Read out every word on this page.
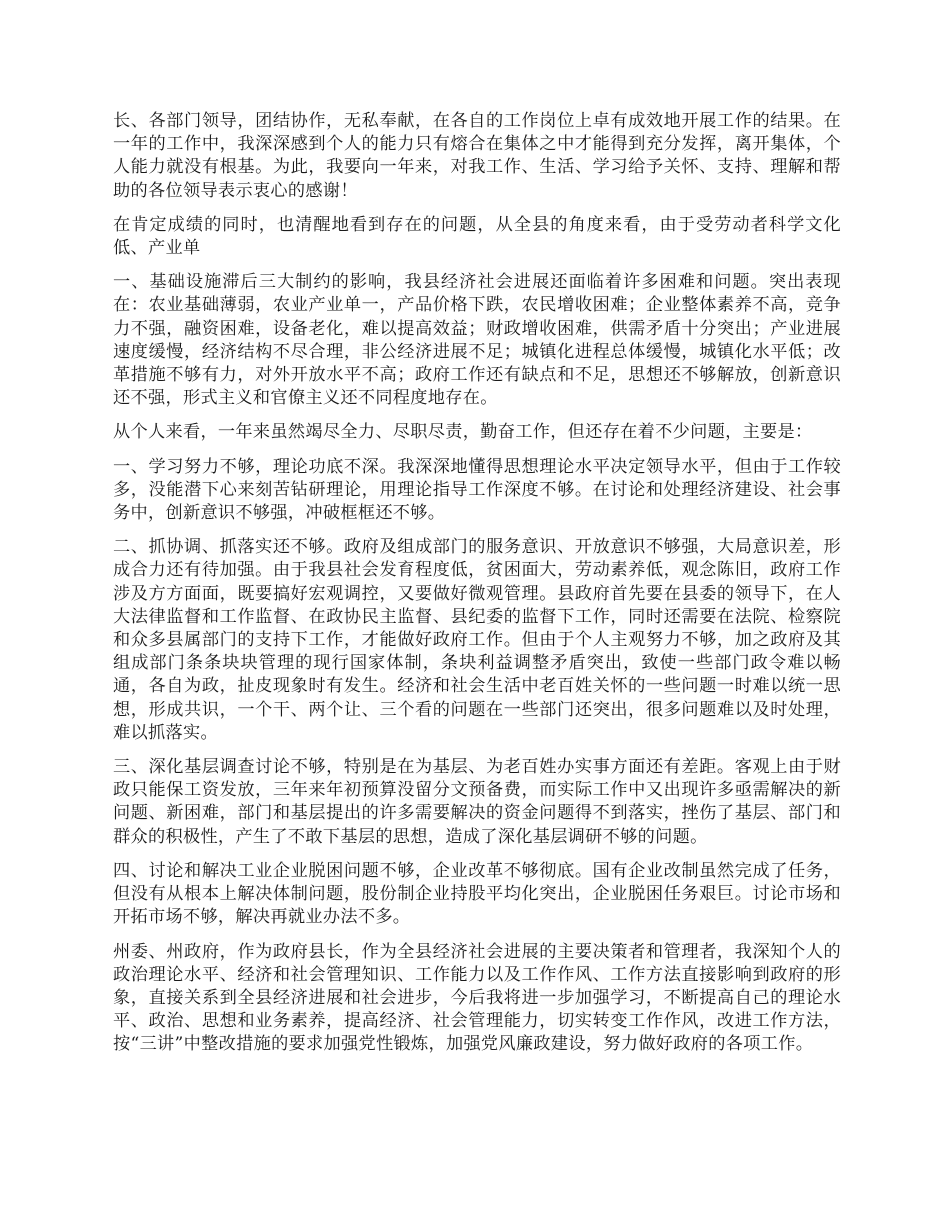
长、各部门领导，团结协作，无私奉献，在各自的工作岗位上卓有成效地开展工作的结果。在一年的工作中，我深深感到个人的能力只有熔合在集体之中才能得到充分发挥，离开集体，个人能力就没有根基。为此，我要向一年来，对我工作、生活、学习给予关怀、支持、理解和帮助的各位领导表示衷心的感谢！

在肯定成绩的同时，也清醒地看到存在的问题，从全县的角度来看，由于受劳动者科学文化低、产业单

一、基础设施滞后三大制约的影响，我县经济社会进展还面临着许多困难和问题。突出表现在：农业基础薄弱，农业产业单一，产品价格下跌，农民增收困难；企业整体素养不高，竞争力不强，融资困难，设备老化，难以提高效益；财政增收困难，供需矛盾十分突出；产业进展速度缓慢，经济结构不尽合理，非公经济进展不足；城镇化进程总体缓慢，城镇化水平低；改革措施不够有力，对外开放水平不高；政府工作还有缺点和不足，思想还不够解放，创新意识还不强，形式主义和官僚主义还不同程度地存在。

从个人来看，一年来虽然竭尽全力、尽职尽责，勤奋工作，但还存在着不少问题，主要是：

一、学习努力不够，理论功底不深。我深深地懂得思想理论水平决定领导水平，但由于工作较多，没能潜下心来刻苦钻研理论，用理论指导工作深度不够。在讨论和处理经济建设、社会事务中，创新意识不够强，冲破框框还不够。

二、抓协调、抓落实还不够。政府及组成部门的服务意识、开放意识不够强，大局意识差，形成合力还有待加强。由于我县社会发育程度低，贫困面大，劳动素养低，观念陈旧，政府工作涉及方方面面，既要搞好宏观调控，又要做好微观管理。县政府首先要在县委的领导下，在人大法律监督和工作监督、在政协民主监督、县纪委的监督下工作，同时还需要在法院、检察院和众多县属部门的支持下工作，才能做好政府工作。但由于个人主观努力不够，加之政府及其组成部门条条块块管理的现行国家体制，条块利益调整矛盾突出，致使一些部门政令难以畅通，各自为政，扯皮现象时有发生。经济和社会生活中老百姓关怀的一些问题一时难以统一思想，形成共识，一个干、两个让、三个看的问题在一些部门还突出，很多问题难以及时处理，难以抓落实。

三、深化基层调查讨论不够，特别是在为基层、为老百姓办实事方面还有差距。客观上由于财政只能保工资发放，三年来年初预算没留分文预备费，而实际工作中又出现许多亟需解决的新问题、新困难，部门和基层提出的许多需要解决的资金问题得不到落实，挫伤了基层、部门和群众的积极性，产生了不敢下基层的思想，造成了深化基层调研不够的问题。

四、讨论和解决工业企业脱困问题不够，企业改革不够彻底。国有企业改制虽然完成了任务，但没有从根本上解决体制问题，股份制企业持股平均化突出，企业脱困任务艰巨。讨论市场和开拓市场不够，解决再就业办法不多。

州委、州政府，作为政府县长，作为全县经济社会进展的主要决策者和管理者，我深知个人的政治理论水平、经济和社会管理知识、工作能力以及工作作风、工作方法直接影响到政府的形象，直接关系到全县经济进展和社会进步，今后我将进一步加强学习，不断提高自己的理论水平、政治、思想和业务素养，提高经济、社会管理能力，切实转变工作作风，改进工作方法，按“三讲”中整改措施的要求加强党性锻炼，加强党风廉政建设，努力做好政府的各项工作。
